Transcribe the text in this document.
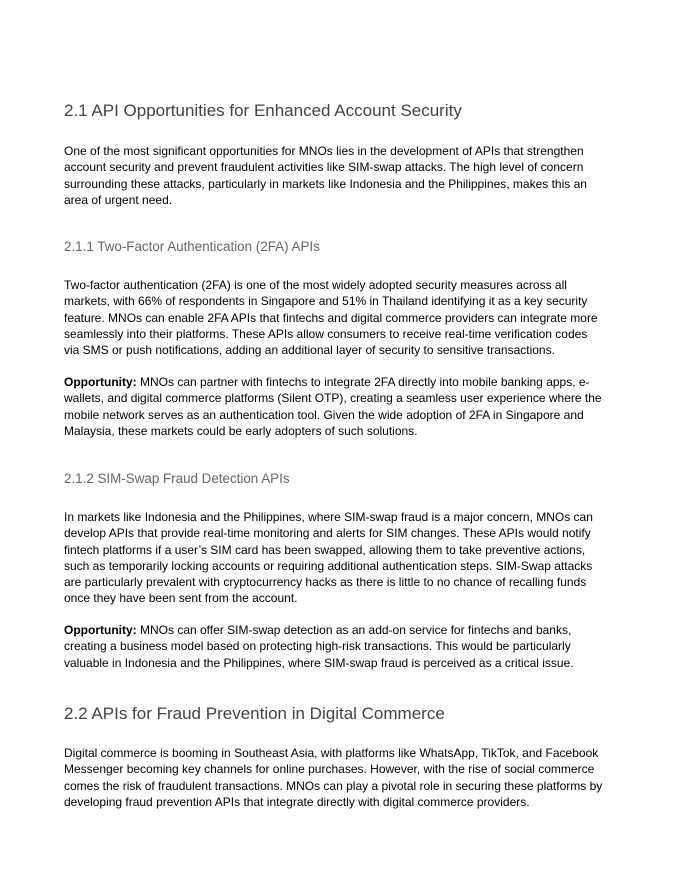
2.1 API Opportunities for Enhanced Account Security

One of the most significant opportunities for MNOs lies in the development of APIs that strengthen
account security and prevent fraudulent activities like SIM-swap attacks. The high level of concern
surrounding these attacks, particularly in markets like Indonesia and the Philippines, makes this an
area of urgent need.

2.1.1 Two-Factor Authentication (2FA) APIs

Two-factor authentication (2FA) is one of the most widely adopted security measures across all
markets, with 66% of respondents in Singapore and 51% in Thailand identifying it as a key security
feature. MNOs can enable 2FA APIs that fintechs and digital commerce providers can integrate more
seamlessly into their platforms. These APIs allow consumers to receive real-time verification codes
via SMS or push notifications, adding an additional layer of security to sensitive transactions.

Opportunity: MNOs can partner with fintechs to integrate 2FA directly into mobile banking apps, e-
wallets, and digital commerce platforms (Silent OTP), creating a seamless user experience where the
mobile network serves as an authentication tool. Given the wide adoption of 2FA in Singapore and
Malaysia, these markets could be early adopters of such solutions.

2.1.2 SIM-Swap Fraud Detection APIs

In markets like Indonesia and the Philippines, where SIM-swap fraud is a major concern, MNOs can
develop APIs that provide real-time monitoring and alerts for SIM changes. These APIs would notify
fintech platforms if a user’s SIM card has been swapped, allowing them to take preventive actions,
such as temporarily locking accounts or requiring additional authentication steps. SIM-Swap attacks
are particularly prevalent with cryptocurrency hacks as there is little to no chance of recalling funds
once they have been sent from the account.

Opportunity: MNOs can offer SIM-swap detection as an add-on service for fintechs and banks,
creating a business model based on protecting high-risk transactions. This would be particularly
valuable in Indonesia and the Philippines, where SIM-swap fraud is perceived as a critical issue.

2.2 APIs for Fraud Prevention in Digital Commerce

Digital commerce is booming in Southeast Asia, with platforms like WhatsApp, TikTok, and Facebook
Messenger becoming key channels for online purchases. However, with the rise of social commerce
comes the risk of fraudulent transactions. MNOs can play a pivotal role in securing these platforms by
developing fraud prevention APIs that integrate directly with digital commerce providers.
